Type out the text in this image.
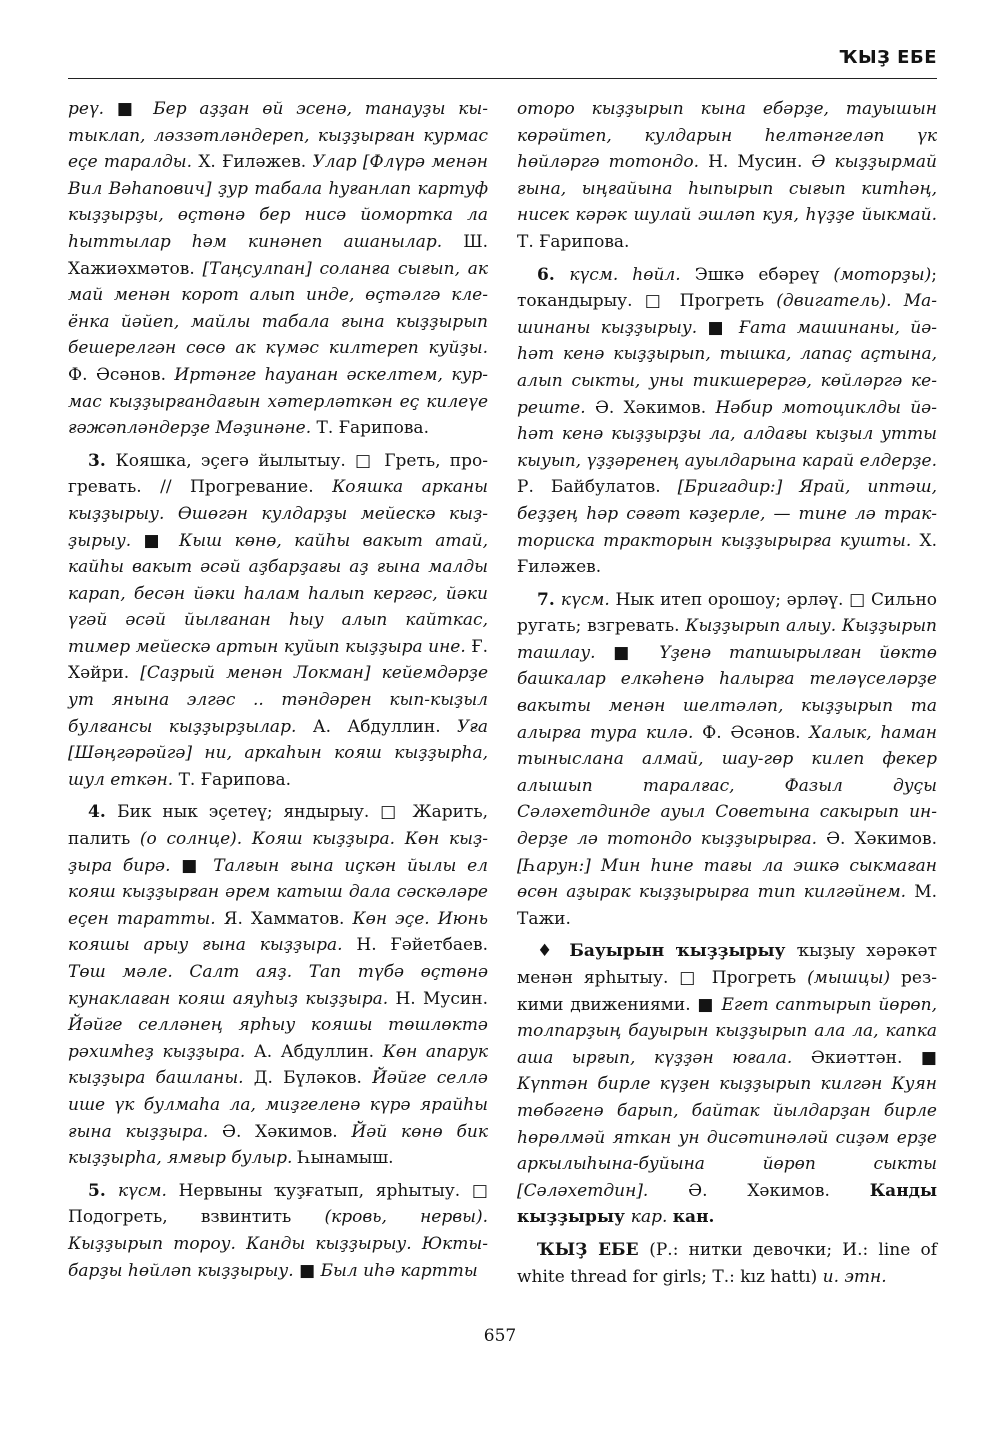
ҠЫҘ ЕБЕ

реү. ■ Бер аҙҙан өй эсенә, танауҙы кытыклап, ләззәтләндереп, кыҙҙырған курмас еҫе таралды. Х. Ғиләжев. Улар [Флүрә менән Вил Вәһапович] ҙур табала һуғанлап картуф кыҙҙырҙы, өҫтөнә бер нисә йомортка ла һыттылар һәм кинәнеп ашанылар. Ш. Хажиәхмәтов. [Таңсулпан] соланға сығып, ак май менән корот алып инде, өҫтәлгә клеёнка йәйеп, майлы табала ғына кыҙҙырып бешерелгән сөсө ак күмәс килтереп куйҙы. Ф. Әсәнов. Иртәнге һауанан әскелтем, курмас кыҙҙырғандағын хәтерләткән еҫ килеүе ғәжәпләндерҙе Мәҙинәне. Т. Ғарипова.

3. Кояшка, эҫегә йылытыу. □ Греть, прогревать. // Прогревание. Кояшка арканы кыҙҙырыу. Өшөгән кулдарҙы мейескә кыҙҙырыу. ■ Кыш көнө, кайһы вакыт атай, кайһы вакыт әсәй аҙбарҙағы аҙ ғына малды карап, бесән йәки һалам һалып кергәс, йәки үгәй әсәй йылғанан һыу алып кайткас, тимер мейескә артын куйып кыҙҙыра ине. Ғ. Хәйри. [Саҙрый менән Локман] кейемдәрҙе ут янына элгәс .. тәндәрен кып-кыҙыл булғансы кыҙҙырҙылар. А. Абдуллин. Уға [Шәңгәрәйгә] ни, аркаһын кояш кыҙҙырһа, шул еткән. Т. Ғарипова.

4. Бик нык эҫетеү; яндырыу. □ Жарить, палить (о солнце). Кояш кыҙҙыра. Көн кыҙҙыра бирә. ■ Талғын ғына иҫкән йылы ел кояш кыҙҙырған әрем катыш дала сәскәләре еҫен таратты. Я. Хамматов. Көн эҫе. Июнь кояшы арыу ғына кыҙҙыра. Н. Ғәйетбаев. Төш мәле. Салт аяҙ. Тап түбә өҫтөнә кунаклаған кояш аяуһыҙ кыҙҙыра. Н. Мусин. Йәйге селләнең ярһыу кояшы төшлөктә рәхимһеҙ кыҙҙыра. А. Абдуллин. Көн апарук кыҙҙыра башланы. Д. Бүләков. Йәйге селлә ише үк булмаһа ла, миҙгеленә күрә ярайһы ғына кыҙҙыра. Ә. Хәкимов. Йәй көнө бик кыҙҙырһа, ямғыр булыр. Һынамыш.

5. күсм. Нервыны ҡуҙғатып, ярһытыу. □ Подогреть, взвинтить (кровь, нервы). Кыҙҙырып тороу. Канды кыҙҙырыу. Юктыбарҙы һөйләп кыҙҙырыу. ■ Был иһә картты

оторо кыҙҙырып кына ебәрҙе, тауышын көрәйтеп, кулдарын һелтәнгеләп үк һөйләргә тотондо. Н. Мусин. Ә кыҙҙырмай ғына, ыңғайына һыпырып сығып китһәң, нисек кәрәк шулай эшләп куя, һүҙҙе йыкмай. Т. Ғарипова.

6. күсм. һөйл. Эшкә ебәреү (моторҙы); токандырыу. □ Прогреть (двигатель). Машинаны кыҙҙырыу. ■ Ғата машинаны, йәһәт кенә кыҙҙырып, тышка, лапаҫ аҫтына, алып сыкты, уны тикшерергә, көйләргә кереште. Ә. Хәкимов. Нәбир мотоциклды йәһәт кенә кыҙҙырҙы ла, алдағы кыҙыл утты кыуып, үҙҙәренең ауылдарына карай елдерҙе. Р. Байбулатов. [Бригадир:] Ярай, иптәш, беҙҙең һәр сәғәт кәҙерле, — тине лә тракториска тракторын кыҙҙырырға кушты. Х. Ғиләжев.

7. күсм. Нык итеп орошоу; әрләү. □ Сильно ругать; взгревать. Кыҙҙырып алыу. Кыҙҙырып ташлау. ■ Үҙенә тапшырылған йөктө башкалар елкәһенә һалырға теләүселәрҙе вакыты менән шелтәләп, кыҙҙырып та алырға тура килә. Ф. Әсәнов. Халык, һаман тыныслана алмай, шау-гөр килеп фекер алышып таралғас, Фазыл дуҫы Сәләхетдинде ауыл Советына сакырып индерҙе лә тотондо кыҙҙырырға. Ә. Хәкимов. [Һарун:] Мин һине тағы ла эшкә сыкмаған өсөн аҙырак кыҙҙырырға тип килгәйнем. М. Тажи.

♦ Бауырын ҡыҙҙырыу ҡыҙыу хәрәкәт менән ярһытыу. □ Прогреть (мышцы) резкими движениями. ■ Егет саптырып йөрөп, толпарҙың бауырын кыҙҙырып ала ла, капка аша ырғып, күҙҙән юғала. Әкиәттән. ■ Күптән бирле күҙен кыҙҙырып килгән Куян төбәгенә барып, байтак йылдарҙан бирле һөрөлмәй яткан ун дисәтинәләй сиҙәм ерҙе аркылыһына-буйына йөрөп сыкты [Сәләхетдин]. Ә. Хәкимов. Канды кыҙҙырыу кар. кан.

ҠЫҘ ЕБЕ (Р.: нитки девочки; И.: line of white thread for girls; Т.: kız hattı) и. этн.

657
